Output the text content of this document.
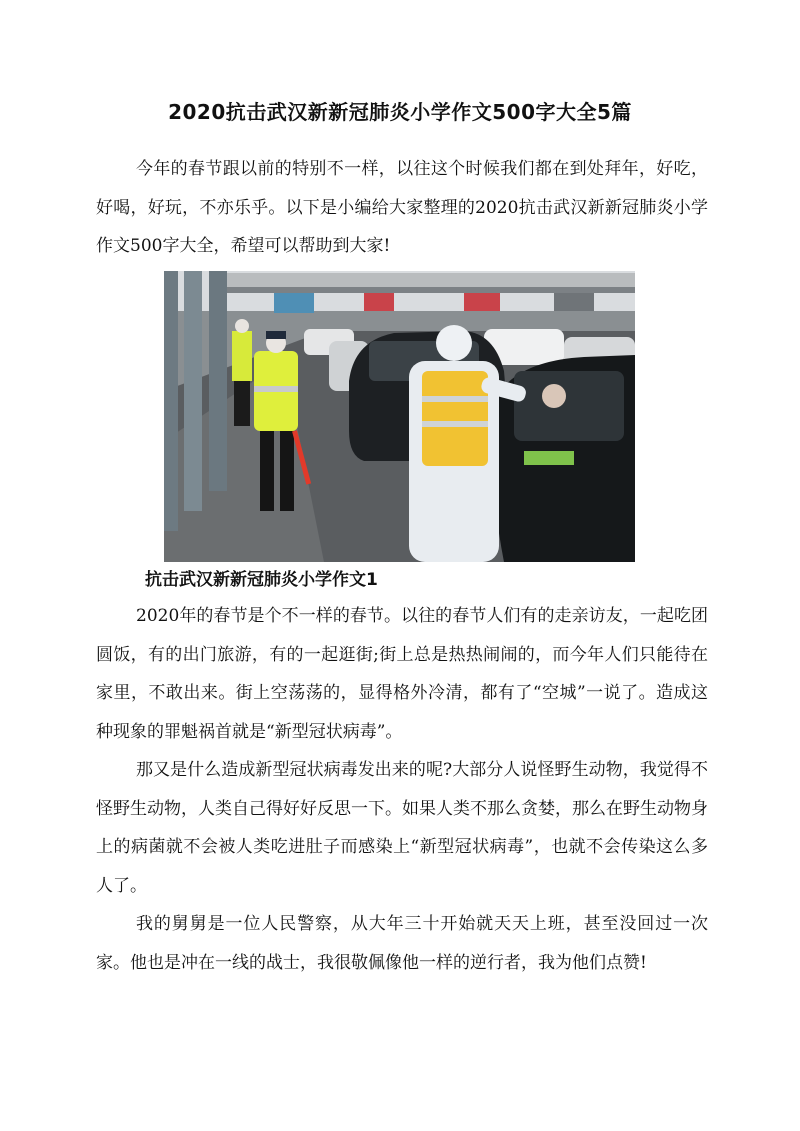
2020抗击武汉新新冠肺炎小学作文500字大全5篇

今年的春节跟以前的特别不一样，以往这个时候我们都在到处拜年，好吃，好喝，好玩，不亦乐乎。以下是小编给大家整理的2020抗击武汉新新冠肺炎小学作文500字大全，希望可以帮助到大家!

抗击武汉新新冠肺炎小学作文1

2020年的春节是个不一样的春节。以往的春节人们有的走亲访友，一起吃团圆饭，有的出门旅游，有的一起逛街;街上总是热热闹闹的，而今年人们只能待在家里，不敢出来。街上空荡荡的，显得格外冷清，都有了“空城”一说了。造成这种现象的罪魁祸首就是“新型冠状病毒”。

那又是什么造成新型冠状病毒发出来的呢?大部分人说怪野生动物，我觉得不怪野生动物，人类自己得好好反思一下。如果人类不那么贪婪，那么在野生动物身上的病菌就不会被人类吃进肚子而感染上“新型冠状病毒”，也就不会传染这么多人了。

我的舅舅是一位人民警察，从大年三十开始就天天上班，甚至没回过一次家。他也是冲在一线的战士，我很敬佩像他一样的逆行者，我为他们点赞!
